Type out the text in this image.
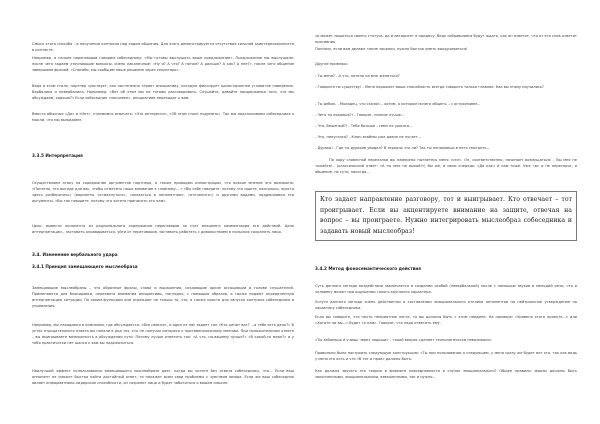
Смысл этого способа – в получении контроля над ходом общения. Для этого демонстрируется отсутствие сильной заинтересованности в контакте.

Например, в начале переговоров говорим собеседнику: «Мы готовы выслушать ваше предложение». Предложение мы выслушали, после чего задаем уточняющие вопросы, очень лаконичные: «Ну и? А что? А потом? А дальше? А как? А нее?», после чего общение завершаем фразой: «Спасибо, мы сообщим наше решение через секретаря».

Ведя в этом стиле, партнер чувствует, как постепенно теряет инициативу, которую фиксирует одностороннее угловатое поведение. Вербалика и невербалика. Например: «Вот об этом мы не готовы разговаривать. Слушайте, давайте придержимся того, что мы обсуждаем, хорошо?» Если собеседник «пассивен», инициатива переходит к вам.

Вместо обычных «Да» и «Нет», стремимся отвечать: «Это интересно», «Об этом стоит подумать». Так мы подталкиваем собеседника к мысли, что мы выжидаем.

3.3.5 Интерпретация

Осуществляем атаку на содержание аргументов партнера, а также приводим иллюстрации, что всякое мнение его возможно: «Понятно, это выгоде для вас, чтобы отметить наше внимание к главному... » «Вы себе говорите, потому что ищете, насколько, просто здесь разберитесь» (варианты «отмахнуться», «оказаться в непонятном», «отклонить») и другими видами, поддерживая эти аргументы. «Вы так говорите, потому что хотите приписать это нам».

Цель: вывести оппонента из рационального содержания переговоров за счет внешнего комментария его действий. Цель интерпретации – заставить оправдываться, уйти от переговоров, заставить работать с довольствием в польских сохранять лицо.

3.4. Изменение вербального удара

3.4.1 Принцип замещающего мыслеобраза

Замещающие мыслеобразы – это образные фразы, слова и выражения, создающие яркие ассоциации в голове слушателей. Применяются для блокировки, перехвата внимания инициативы, наглядно, с помощью образов, а также подают определенную интерпретацию ситуации. По своим функциям они отражают не только то, что, а также просто для запуска контроля собеседника и управления.

Например, мы находимся в компании, где обсуждается: «Все неясно», и один из нас задает тон «Кто ценит вас? ...а тебе есть дело?» В устах отрицательного ответа вы попали в ряд тех, кто не получил интереса к противоположному мнению. При положительном ответе – вы выигрываете возможность в обсуждении сути. Потому лучше ответить так: «А что, по-вашему лучше?» «В какой-то мере?» и у тебя практически нет шанса к вам вы подключиться.

Наилучший эффект использования замещающего мыслеобраза дает, когда вы хотите без ответа собеседнику, что... Если ваш оппонент не сможет быстро найти достойный ответ, то покажет всем свои проблемы с чувством юмора. Если же ваш собеседник являет информативно-лидерские способности, он сохранит лицо и будет заботиться о вашем смысле.

то может лишиться своего статуса, да и авторитет в придачу. Ведь собравшиеся будут ждать, как он ответит, что от его слов ответит противник.

Поэтому, если вам делают такие заценки, нужно быстро уметь выкручиваться!

Другие примеры:

- Ты меня? - А что, хотела на мне жениться?

- Говорите по существу! - Меня поражает ваша способность всегда говорить только главное. Как вы этому научились?

- Ты дебил. - Молодец, что сказал... хотим, о котором ничего общего... с остроумием...

- Чего ты вякаешь?! - Говорят, полное лучше...

- Что, бешеный?! - Тебе больше - сеем не ушился...

- Что, напугался? - Ключ взаймы уже давно не пугает...

- Дураки! - Где ты дураков увидел? В зеркало что ли? Так ты понимаешь в него смотреть...

По ходу словесной перепалки вы намерено пытаетесь меня «сел». Он, соответственно, начинает возмущаться: - Вы мне не тыкайте!.. (классический ответ: «А ты мне не выкай!») Вы же, в свою очередь: «Да как» и нам тоже. Уже «в» и не переспрос, и общение, по сути, никогда...

Кто задает направление разговору, тот и выигрывает. Кто отвечает – тот проигрывает. Если вы акцентируете внимание на защите, отвечая на вопрос – вы проиграете. Нужно интегрировать мыслеобраз собеседника и задавать новый мыслеобраз!

3.4.2 Метод фоносемантического действия

Суть данного метода воздействия заключается в создании особой (невербальной) после с помощью звуков и мелодий речи, что и человеку может при ощущении такого кругового характера.

Услуги данного метода очень действенны в составлении эмоционального отклика оппонентов на нейтральное утверждение по характеру собеседника.

Если вы говорите, что нечто неприятное легче, то вы должны быть с этим наедине. На примере: «Уровень этого проекта...» или «Хотите ли вы...» будет «к нам». Говорят, что надо ответить ему.

«Ты заболешь и учишь через ладоши» – такой вопрос сделает технологически невозможно.

Правильно было построить следующую конструкцию: «Ты при пользовании о следующем, у меня сразу же будет вот это, так как ведь у меня это есть и что «б тот и прав» должно быть.

Как должна звучать эта теория в формате повседневности в случае эмоционального? Общее правило: фразы должны быть законченными, эмоциональными, взвешенными, так и нужно...
